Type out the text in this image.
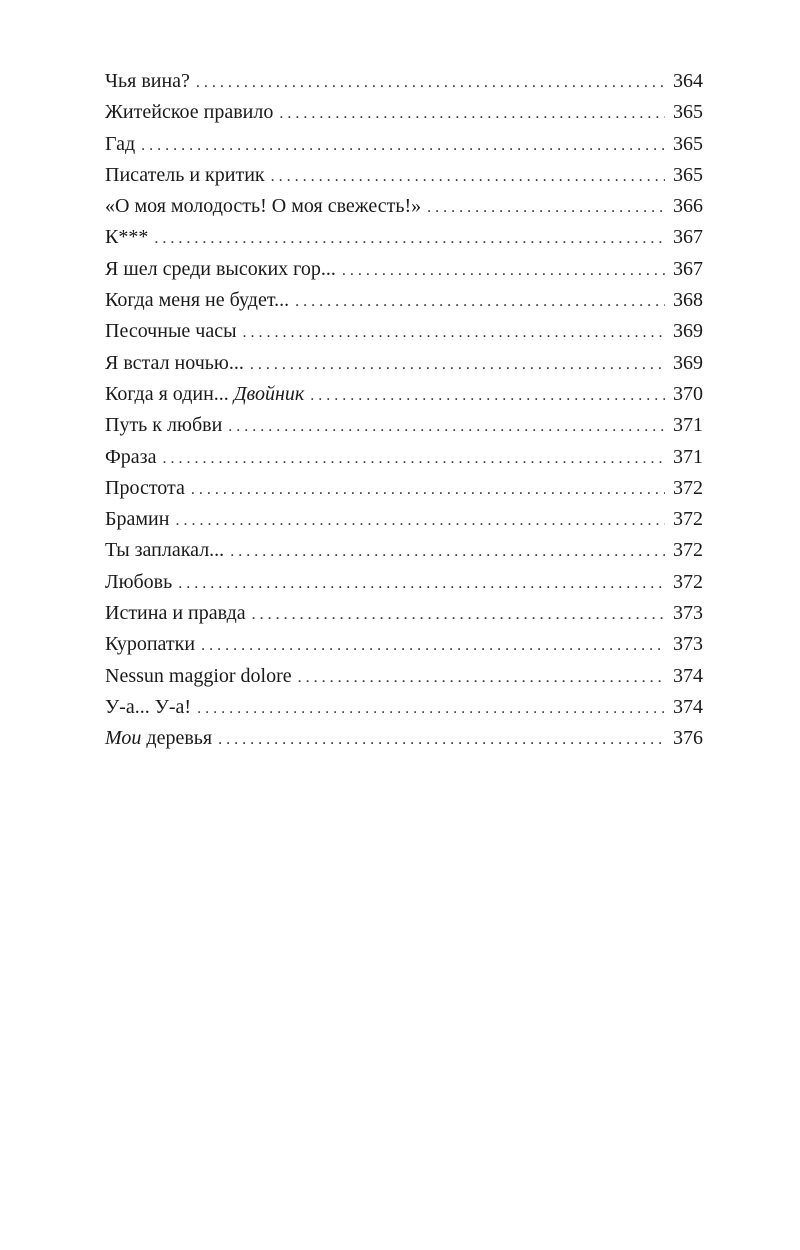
Чья вина? . . .	364
Житейское правило . . .	365
Гад . . .	365
Писатель и критик . . .	365
«О моя молодость! О моя свежесть!» . . .	366
К*** . . .	367
Я шел среди высоких гор... . . .	367
Когда меня не будет... . . .	368
Песочные часы . . .	369
Я встал ночью... . . .	369
Когда я один... Двойник . . .	370
Путь к любви . . .	371
Фраза . . .	371
Простота . . .	372
Брамин . . .	372
Ты заплакал... . . .	372
Любовь . . .	372
Истина и правда . . .	373
Куропатки . . .	373
Nessun maggior dolore . . .	374
У-а... У-а! . . .	374
Мои деревья . . .	376
